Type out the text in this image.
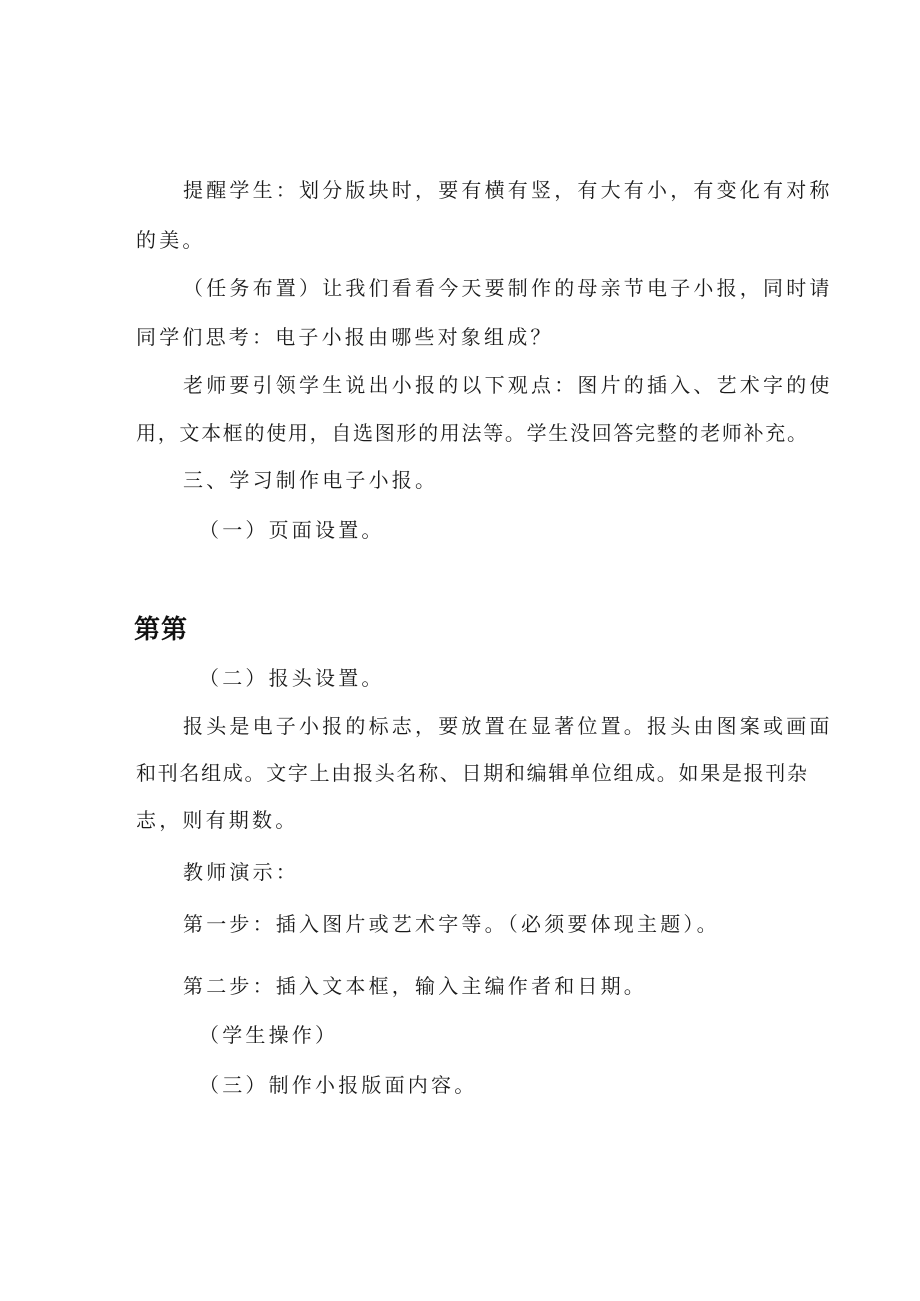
提醒学生：划分版块时，要有横有竖，有大有小，有变化有对称
的美。
（任务布置）让我们看看今天要制作的母亲节电子小报，同时请
同学们思考：电子小报由哪些对象组成？
老师要引领学生说出小报的以下观点：图片的插入、艺术字的使
用，文本框的使用，自选图形的用法等。学生没回答完整的老师补充。
三、学习制作电子小报。
（一）页面设置。
第第
（二）报头设置。
报头是电子小报的标志，要放置在显著位置。报头由图案或画面
和刊名组成。文字上由报头名称、日期和编辑单位组成。如果是报刊杂
志，则有期数。
教师演示：
第一步：插入图片或艺术字等。（必须要体现主题）。
第二步：插入文本框，输入主编作者和日期。
（学生操作）
（三）制作小报版面内容。
